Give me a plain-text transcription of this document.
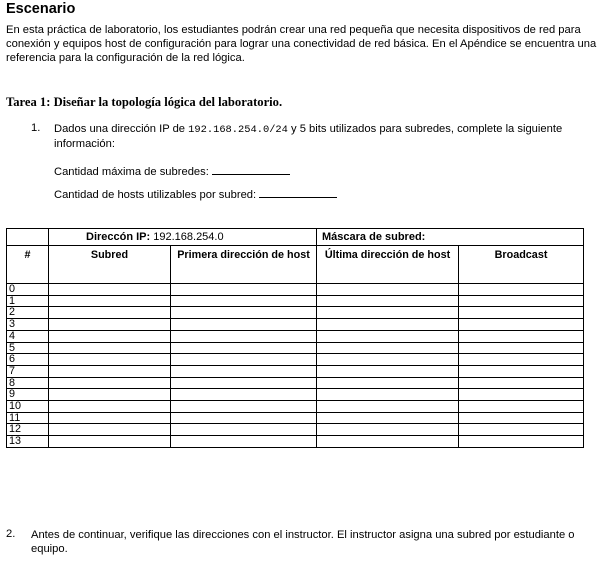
Escenario
En esta práctica de laboratorio, los estudiantes podrán crear una red pequeña que necesita dispositivos de red para conexión y equipos host de configuración para lograr una conectividad de red básica. En el Apéndice se encuentra una referencia para la configuración de la red lógica.
Tarea 1: Diseñar la topología lógica del laboratorio.
1. Dados una dirección IP de 192.168.254.0/24 y 5 bits utilizados para subredes, complete la siguiente información:
Cantidad máxima de subredes:
Cantidad de hosts utilizables por subred:
	Direccón IP: 192.168.254.0		Máscara de subred:	
#	Subred	Primera dirección de host	Última dirección de host	Broadcast
0				
1				
2				
3				
4				
5				
6				
7				
8				
9				
10				
11				
12				
13				
2. Antes de continuar, verifique las direcciones con el instructor. El instructor asigna una subred por estudiante o equipo.
